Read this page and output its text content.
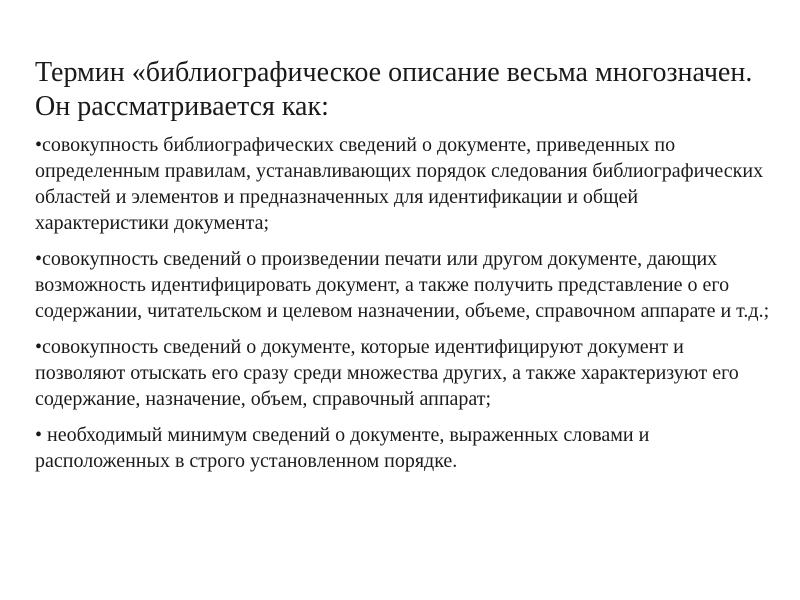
Термин «библиографическое описание весьма многозначен. Он рассматривается как:
•совокупность библиографических сведений о документе, приведенных по определенным правилам, устанавливающих порядок следования библиографических областей и элементов и предназначенных для идентификации и общей характеристики документа;
•совокупность сведений о произведении печати или другом документе, дающих возможность идентифицировать документ, а также получить представление о его содержании, читательском и целевом назначении, объеме, справочном аппарате и т.д.;
•совокупность сведений о документе, которые идентифицируют документ и позволяют отыскать его сразу среди множества других, а также характеризуют его содержание, назначение, объем, справочный аппарат;
• необходимый минимум сведений о документе, выраженных словами и расположенных в строго установленном порядке.
